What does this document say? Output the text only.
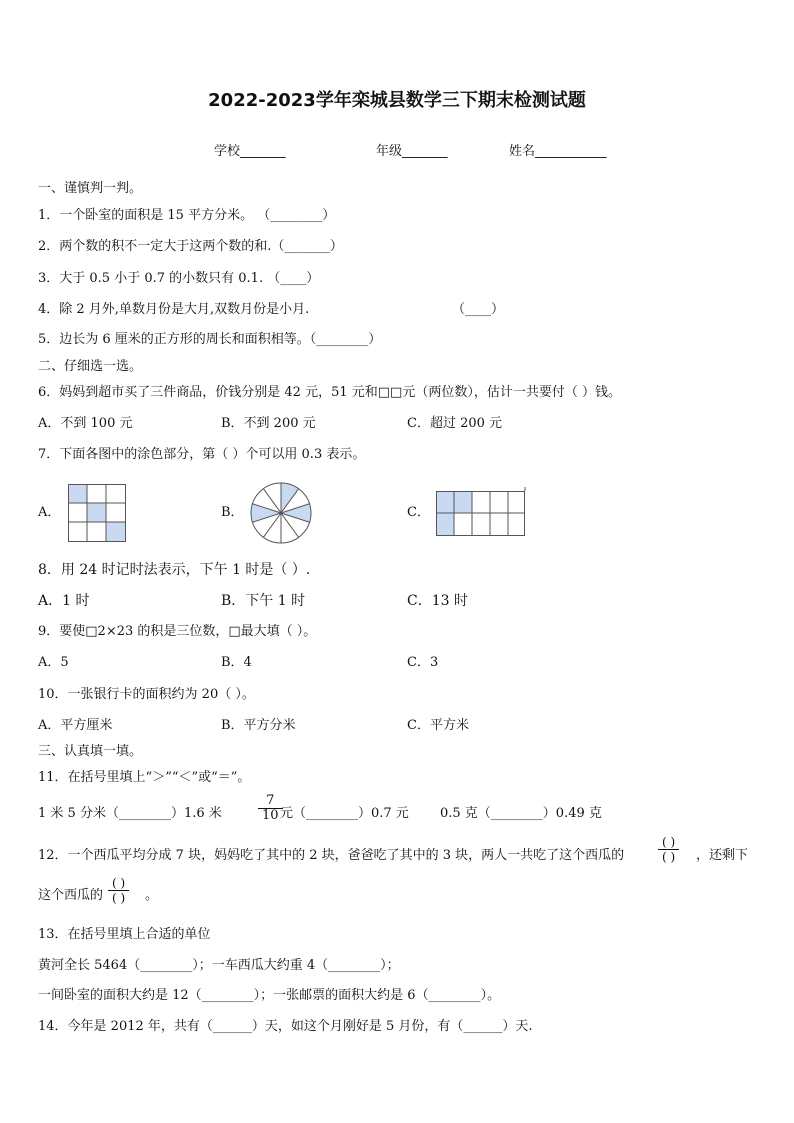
2022-2023学年栾城县数学三下期末检测试题
学校_______	年级_______	姓名___________
一、谨慎判一判。
1．一个卧室的面积是 15 平方分米。 （________）
2．两个数的积不一定大于这两个数的和.（_______）
3．大于 0.5 小于 0.7 的小数只有 0.1. （____）
4．除 2 月外,单数月份是大月,双数月份是小月.	（____）
5．边长为 6 厘米的正方形的周长和面积相等。（________）
二、仔细选一选。
6．妈妈到超市买了三件商品，价钱分别是 42 元，51 元和□□元（两位数），估计一共要付（ ）钱。
A．不到 100 元	B．不到 200 元	C．超过 200 元
7．下面各图中的涂色部分，第（ ）个可以用 0.3 表示。
A．	B．	C．
8．用 24 时记时法表示，下午 1 时是（ ）.
A．1 时	B．下午 1 时	C．13 时
9．要使□2×23 的积是三位数，□最大填（ ）。
A．5	B．4	C．3
10．一张银行卡的面积约为 20（ ）。
A．平方厘米	B．平方分米	C．平方米
三、认真填一填。
11．在括号里填上“＞”“＜”或“＝”。
1 米 5 分米（________）1.6 米	$\frac{7}{10}$
元（________）0.7 元 0.5 克（________）0.49 克
12．一个西瓜平均分成 7 块，妈妈吃了其中的 2 块，爸爸吃了其中的 3 块，两人一共吃了这个西瓜的	$\frac{( )}{( )}$ ，还剩下
这个西瓜的 $\frac{( )}{( )}$ 。
13．在括号里填上合适的单位
黄河全长 5464（________）；一车西瓜大约重 4（________）；
一间卧室的面积大约是 12（________）；一张邮票的面积大约是 6（________）。
14．今年是 2012 年，共有（______）天，如这个月刚好是 5 月份，有（______）天.
